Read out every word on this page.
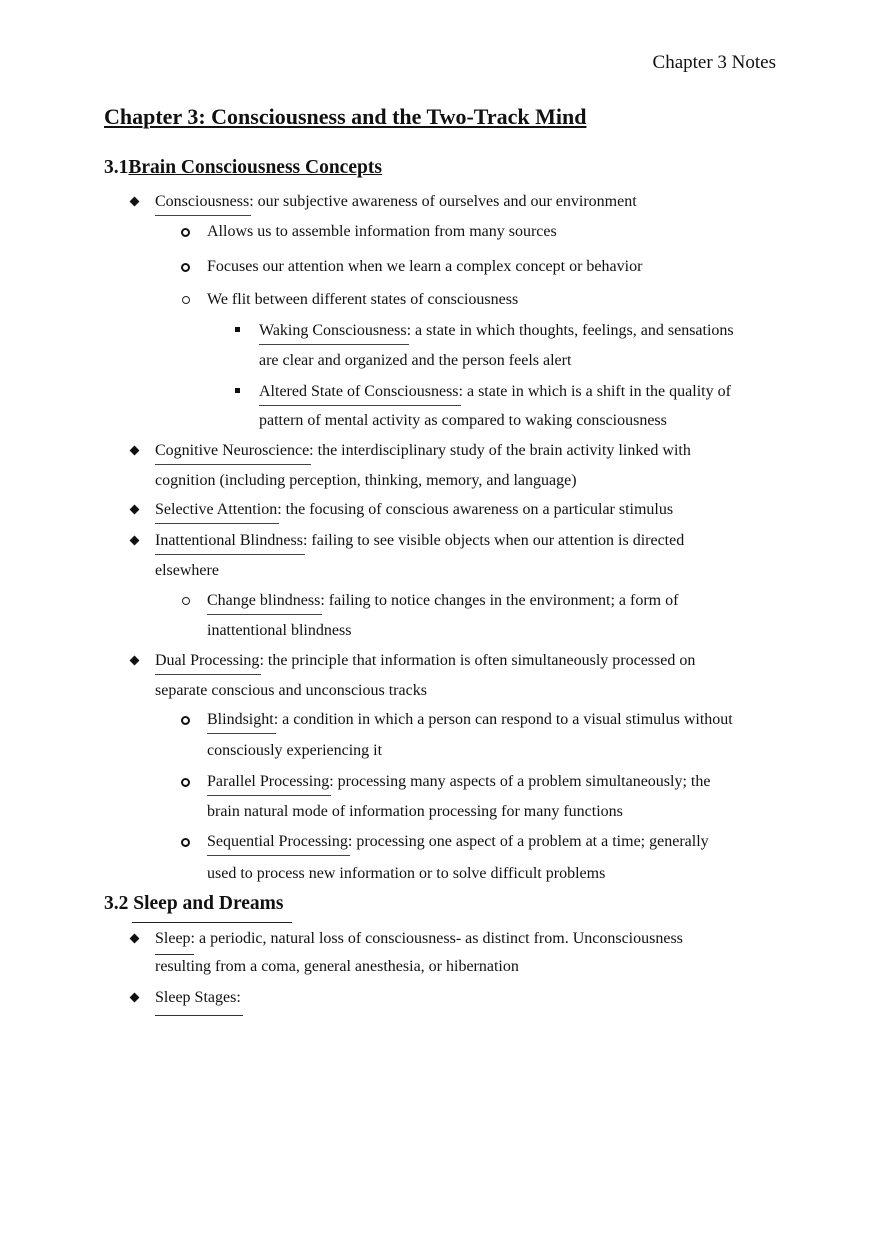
Chapter 3 Notes
Chapter 3: Consciousness and the Two-Track Mind
3.1Brain Consciousness Concepts
Consciousness: our subjective awareness of ourselves and our environment
Allows us to assemble information from many sources
Focuses our attention when we learn a complex concept or behavior
We flit between different states of consciousness
Waking Consciousness: a state in which thoughts, feelings, and sensations
are clear and organized and the person feels alert
Altered State of Consciousness: a state in which is a shift in the quality of
pattern of mental activity as compared to waking consciousness
Cognitive Neuroscience: the interdisciplinary study of the brain activity linked with
cognition (including perception, thinking, memory, and language)
Selective Attention: the focusing of conscious awareness on a particular stimulus
Inattentional Blindness: failing to see visible objects when our attention is directed
elsewhere
Change blindness: failing to notice changes in the environment; a form of
inattentional blindness
Dual Processing: the principle that information is often simultaneously processed on
separate conscious and unconscious tracks
Blindsight: a condition in which a person can respond to a visual stimulus without
consciously experiencing it
Parallel Processing: processing many aspects of a problem simultaneously; the
brain natural mode of information processing for many functions
Sequential Processing: processing one aspect of a problem at a time; generally
used to process new information or to solve difficult problems
3.2 Sleep and Dreams
Sleep: a periodic, natural loss of consciousness- as distinct from. Unconsciousness
resulting from a coma, general anesthesia, or hibernation
Sleep Stages:
